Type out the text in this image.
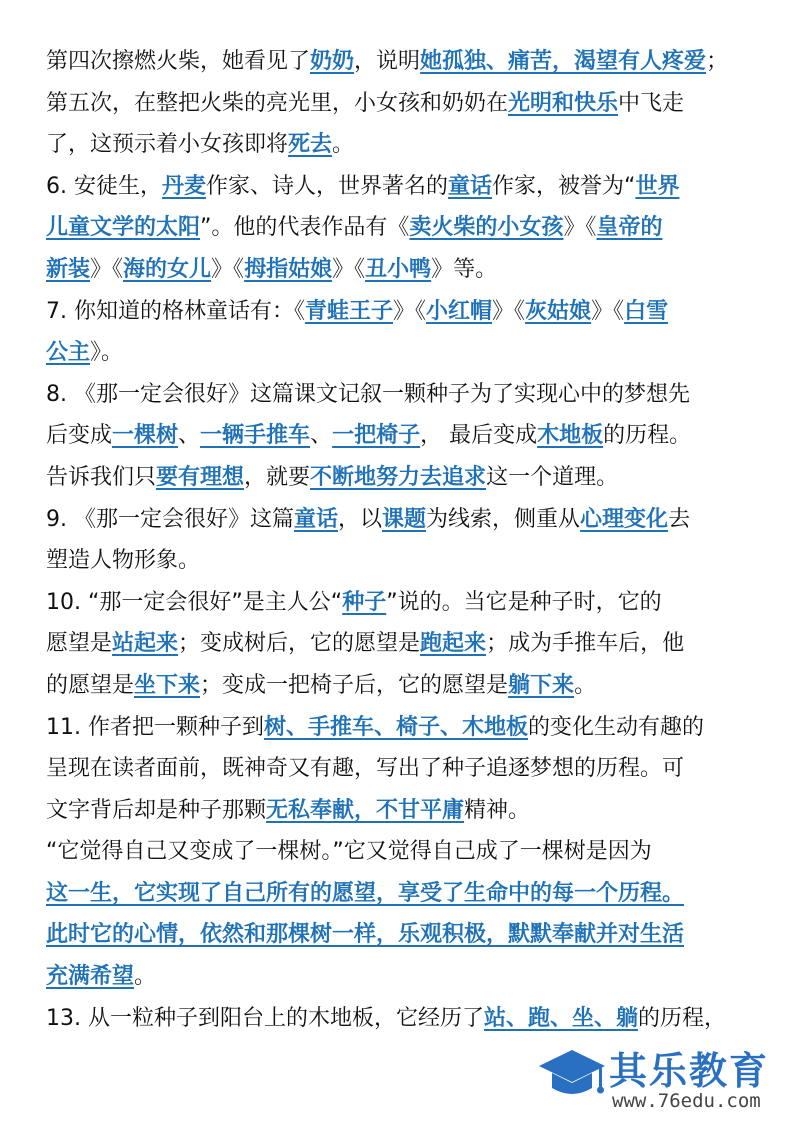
第四次擦燃火柴，她看见了奶奶，说明她孤独、痛苦，渴望有人疼爱；
第五次，在整把火柴的亮光里，小女孩和奶奶在光明和快乐中飞走
了，这预示着小女孩即将死去。
6. 安徒生，丹麦作家、诗人，世界著名的童话作家，被誉为“世界
儿童文学的太阳”。他的代表作品有《卖火柴的小女孩》《皇帝的
新装》《海的女儿》《拇指姑娘》《丑小鸭》等。
7. 你知道的格林童话有：《青蛙王子》《小红帽》《灰姑娘》《白雪
公主》。
8. 《那一定会很好》这篇课文记叙一颗种子为了实现心中的梦想先
后变成一棵树、一辆手推车、一把椅子， 最后变成木地板的历程。
告诉我们只要有理想，就要不断地努力去追求这一个道理。
9. 《那一定会很好》这篇童话，以课题为线索，侧重从心理变化去
塑造人物形象。
10. “那一定会很好”是主人公“种子”说的。当它是种子时，它的
愿望是站起来；变成树后，它的愿望是跑起来；成为手推车后，他
的愿望是坐下来；变成一把椅子后，它的愿望是躺下来。
11. 作者把一颗种子到树、手推车、椅子、木地板的变化生动有趣的
呈现在读者面前，既神奇又有趣，写出了种子追逐梦想的历程。可
文字背后却是种子那颗无私奉献，不甘平庸精神。
“它觉得自己又变成了一棵树。”它又觉得自己成了一棵树是因为
这一生，它实现了自己所有的愿望，享受了生命中的每一个历程。
此时它的心情，依然和那棵树一样，乐观积极，默默奉献并对生活
充满希望。
13. 从一粒种子到阳台上的木地板，它经历了站、跑、坐、躺的历程，
其乐教育
www.76edu.com
